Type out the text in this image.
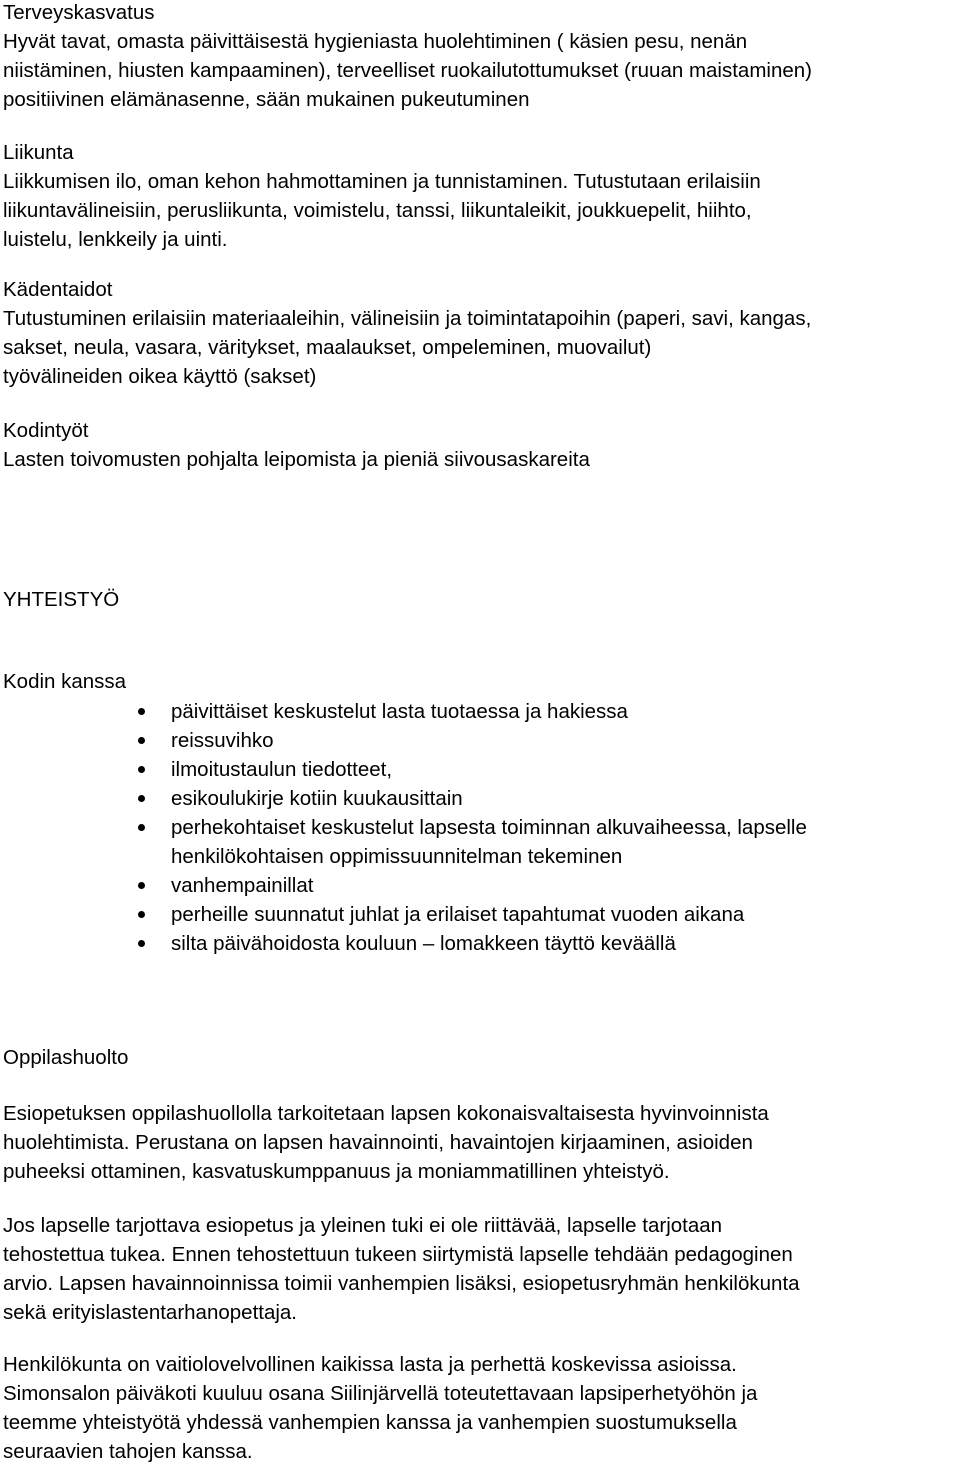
Terveyskasvatus
Hyvät tavat, omasta päivittäisestä hygieniasta huolehtiminen ( käsien pesu, nenän
niistäminen, hiusten kampaaminen), terveelliset ruokailutottumukset (ruuan maistaminen)
positiivinen elämänasenne, sään mukainen pukeutuminen
Liikunta
Liikkumisen ilo, oman kehon hahmottaminen ja tunnistaminen. Tutustutaan erilaisiin
liikuntavälineisiin, perusliikunta, voimistelu, tanssi, liikuntaleikit, joukkuepelit, hiihto,
luistelu, lenkkeily ja uinti.
Kädentaidot
Tutustuminen erilaisiin materiaaleihin, välineisiin ja toimintatapoihin (paperi, savi, kangas,
sakset, neula, vasara, väritykset, maalaukset, ompeleminen, muovailut)
työvälineiden oikea käyttö (sakset)
Kodintyöt
Lasten toivomusten pohjalta leipomista ja pieniä siivousaskareita
YHTEISTYÖ
Kodin kanssa
päivittäiset keskustelut lasta tuotaessa ja hakiessa
reissuvihko
ilmoitustaulun tiedotteet,
esikoulukirje kotiin kuukausittain
perhekohtaiset keskustelut lapsesta toiminnan alkuvaiheessa, lapselle
henkilökohtaisen oppimissuunnitelman tekeminen
vanhempainillat
perheille suunnatut juhlat ja erilaiset tapahtumat vuoden aikana
silta päivähoidosta kouluun – lomakkeen täyttö keväällä
Oppilashuolto
Esiopetuksen oppilashuollolla tarkoitetaan lapsen kokonaisvaltaisesta hyvinvoinnista
huolehtimista. Perustana on lapsen havainnointi, havaintojen kirjaaminen, asioiden
puheeksi ottaminen, kasvatuskumppanuus ja moniammatillinen yhteistyö.
Jos lapselle tarjottava esiopetus ja yleinen tuki ei ole riittävää, lapselle tarjotaan
tehostettua tukea. Ennen tehostettuun tukeen siirtymistä lapselle tehdään pedagoginen
arvio. Lapsen havainnoinnissa toimii vanhempien lisäksi, esiopetusryhmän henkilökunta
sekä erityislastentarhanopettaja.
Henkilökunta on vaitiolovelvollinen kaikissa lasta ja perhettä koskevissa asioissa.
Simonsalon päiväkoti kuuluu osana Siilinjärvellä toteutettavaan lapsiperhetyöhön ja
teemme yhteistyötä yhdessä vanhempien kanssa ja vanhempien suostumuksella
seuraavien tahojen kanssa.
